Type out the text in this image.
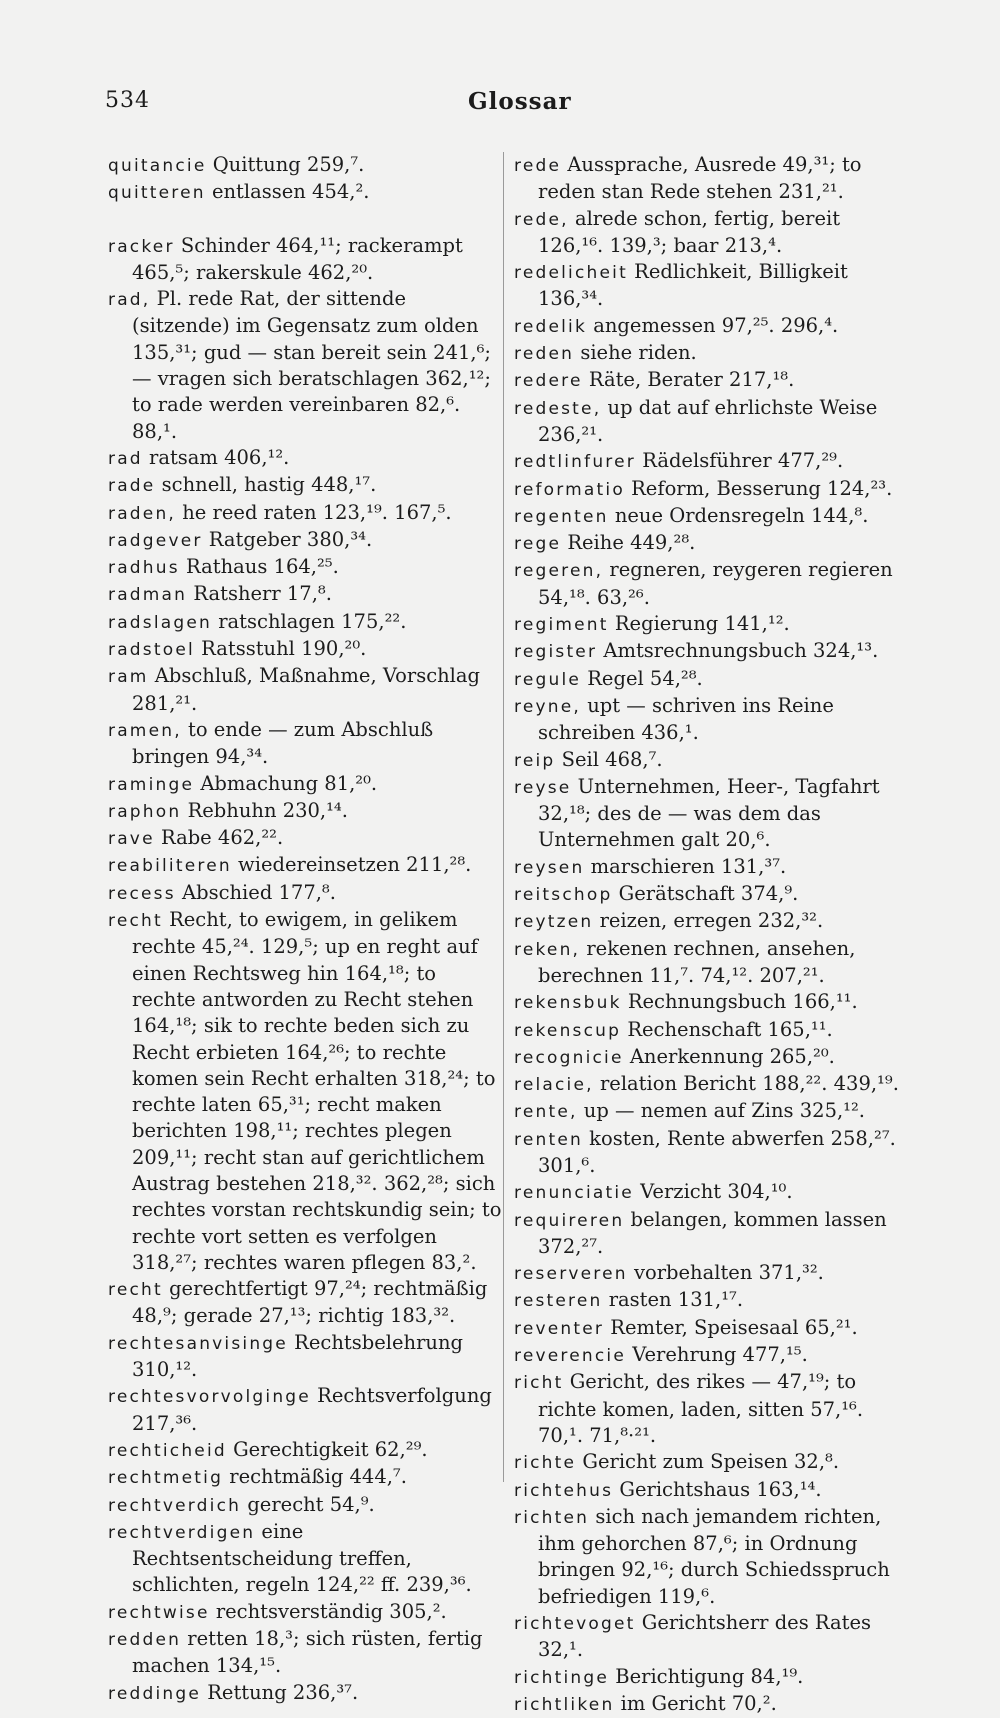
534	Glossar
quitancie Quittung 259,⁷.
quitteren entlassen 454,².
racker Schinder 464,¹¹; rackerampt 465,⁵; rakerskule 462,²⁰.
rad, Pl. rede Rat, der sittende (sitzende) im Gegensatz zum olden 135,³¹; gud — stan bereit sein 241,⁶; — vragen sich beratschlagen 362,¹²; to rade werden vereinbaren 82,⁶. 88,¹.
rad ratsam 406,¹².
rade schnell, hastig 448,¹⁷.
raden, he reed raten 123,¹⁹. 167,⁵.
radgever Ratgeber 380,³⁴.
radhus Rathaus 164,²⁵.
radman Ratsherr 17,⁸.
radslagen ratschlagen 175,²².
radstoel Ratsstuhl 190,²⁰.
ram Abschluß, Maßnahme, Vorschlag 281,²¹.
ramen, to ende — zum Abschluß bringen 94,³⁴.
raminge Abmachung 81,²⁰.
raphon Rebhuhn 230,¹⁴.
rave Rabe 462,²².
reabiliteren wiedereinsetzen 211,²⁸.
recess Abschied 177,⁸.
recht Recht, to ewigem, in gelikem rechte 45,²⁴. 129,⁵; up en reght auf einen Rechtsweg hin 164,¹⁸; to rechte antworden zu Recht stehen 164,¹⁸; sik to rechte beden sich zu Recht erbieten 164,²⁶; to rechte komen sein Recht erhalten 318,²⁴; to rechte laten 65,³¹; recht maken berichten 198,¹¹; rechtes plegen 209,¹¹; recht stan auf gerichtlichem Austrag bestehen 218,³². 362,²⁸; sich rechtes vorstan rechtskundig sein; to rechte vort setten es verfolgen 318,²⁷; rechtes waren pflegen 83,².
recht gerechtfertigt 97,²⁴; rechtmäßig 48,⁹; gerade 27,¹³; richtig 183,³².
rechtesanvisinge Rechtsbelehrung 310,¹².
rechtesvorvolginge Rechtsverfolgung 217,³⁶.
rechticheid Gerechtigkeit 62,²⁹.
rechtmetig rechtmäßig 444,⁷.
rechtverdich gerecht 54,⁹.
rechtverdigen eine Rechtsentscheidung treffen, schlichten, regeln 124,²² ff. 239,³⁶.
rechtwise rechtsverständig 305,².
redden retten 18,³; sich rüsten, fertig machen 134,¹⁵.
reddinge Rettung 236,³⁷.
rede Aussprache, Ausrede 49,³¹; to reden stan Rede stehen 231,²¹.
rede, alrede schon, fertig, bereit 126,¹⁶. 139,³; baar 213,⁴.
redelicheit Redlichkeit, Billigkeit 136,³⁴.
redelik angemessen 97,²⁵. 296,⁴.
reden siehe riden.
redere Räte, Berater 217,¹⁸.
redeste, up dat auf ehrlichste Weise 236,²¹.
redtlinfurer Rädelsführer 477,²⁹.
reformatio Reform, Besserung 124,²³.
regenten neue Ordensregeln 144,⁸.
rege Reihe 449,²⁸.
regeren, regneren, reygeren regieren 54,¹⁸. 63,²⁶.
regiment Regierung 141,¹².
register Amtsrechnungsbuch 324,¹³.
regule Regel 54,²⁸.
reyne, upt — schriven ins Reine schreiben 436,¹.
reip Seil 468,⁷.
reyse Unternehmen, Heer-, Tagfahrt 32,¹⁸; des de — was dem das Unternehmen galt 20,⁶.
reysen marschieren 131,³⁷.
reitschop Gerätschaft 374,⁹.
reytzen reizen, erregen 232,³².
reken, rekenen rechnen, ansehen, berechnen 11,⁷. 74,¹². 207,²¹.
rekensbuk Rechnungsbuch 166,¹¹.
rekenscup Rechenschaft 165,¹¹.
recognicie Anerkennung 265,²⁰.
relacie, relation Bericht 188,²². 439,¹⁹.
rente, up — nemen auf Zins 325,¹².
renten kosten, Rente abwerfen 258,²⁷. 301,⁶.
renunciatie Verzicht 304,¹⁰.
requireren belangen, kommen lassen 372,²⁷.
reserveren vorbehalten 371,³².
resteren rasten 131,¹⁷.
reventer Remter, Speisesaal 65,²¹.
reverencie Verehrung 477,¹⁵.
richt Gericht, des rikes — 47,¹⁹; to richte komen, laden, sitten 57,¹⁶. 70,¹. 71,⁸·²¹.
richte Gericht zum Speisen 32,⁸.
richtehus Gerichtshaus 163,¹⁴.
richten sich nach jemandem richten, ihm gehorchen 87,⁶; in Ordnung bringen 92,¹⁶; durch Schiedsspruch befriedigen 119,⁶.
richtevoget Gerichtsherr des Rates 32,¹.
richtinge Berichtigung 84,¹⁹.
richtliken im Gericht 70,².
